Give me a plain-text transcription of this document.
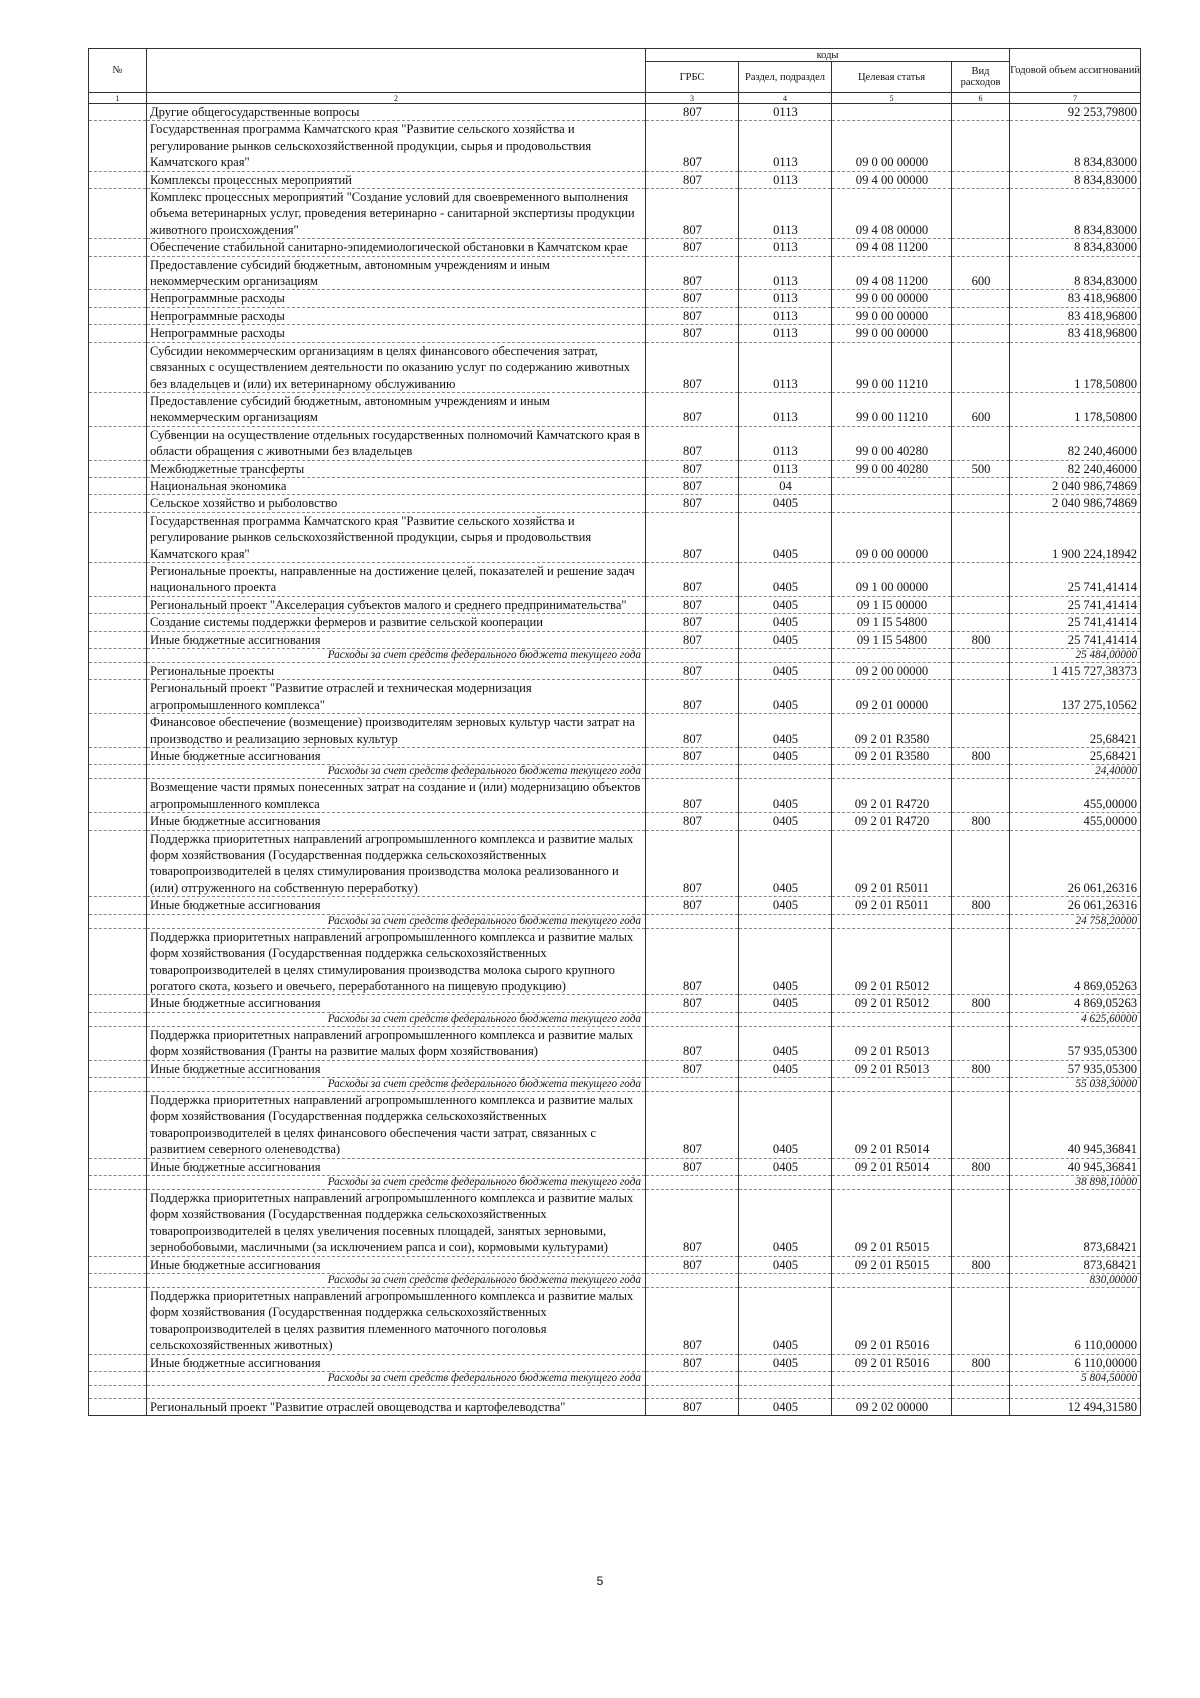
№		коды				Годовой объем ассигнований
		ГРБС	Раздел, подраздел	Целевая статья	Вид расходов	
1	2	3	4	5	6	7
	Другие общегосударственные вопросы	807	0113			92 253,79800
	Государственная программа Камчатского края "Развитие сельского хозяйства и регулирование рынков сельскохозяйственной продукции, сырья и продовольствия Камчатского края"	807	0113	09 0 00 00000		8 834,83000
	Комплексы процессных мероприятий	807	0113	09 4 00 00000		8 834,83000
	Комплекс процессных мероприятий "Создание условий для своевременного выполнения объема ветеринарных услуг, проведения ветеринарно - санитарной экспертизы продукции животного происхождения"	807	0113	09 4 08 00000		8 834,83000
	Обеспечение стабильной санитарно-эпидемиологической обстановки в Камчатском крае	807	0113	09 4 08 11200		8 834,83000
	Предоставление субсидий бюджетным, автономным учреждениям и иным некоммерческим организациям	807	0113	09 4 08 11200	600	8 834,83000
	Непрограммные расходы	807	0113	99 0 00 00000		83 418,96800
	Непрограммные расходы	807	0113	99 0 00 00000		83 418,96800
	Непрограммные расходы	807	0113	99 0 00 00000		83 418,96800
	Субсидии некоммерческим организациям в целях финансового обеспечения затрат, связанных с осуществлением деятельности по оказанию услуг по содержанию животных без владельцев и (или) их ветеринарному обслуживанию	807	0113	99 0 00 11210		1 178,50800
	Предоставление субсидий бюджетным, автономным учреждениям и иным некоммерческим организациям	807	0113	99 0 00 11210	600	1 178,50800
	Субвенции на осуществление отдельных государственных полномочий Камчатского края в области обращения с животными без владельцев	807	0113	99 0 00 40280		82 240,46000
	Межбюджетные трансферты	807	0113	99 0 00 40280	500	82 240,46000
	Национальная экономика	807	04			2 040 986,74869
	Сельское хозяйство и рыболовство	807	0405			2 040 986,74869
	Государственная программа Камчатского края "Развитие сельского хозяйства и регулирование рынков сельскохозяйственной продукции, сырья и продовольствия Камчатского края"	807	0405	09 0 00 00000		1 900 224,18942
	Региональные проекты, направленные на достижение целей, показателей и решение задач национального проекта	807	0405	09 1 00 00000		25 741,41414
	Региональный проект "Акселерация субъектов малого и среднего предпринимательства"	807	0405	09 1 I5 00000		25 741,41414
	Создание системы поддержки фермеров и развитие сельской кооперации	807	0405	09 1 I5 54800		25 741,41414
	Иные бюджетные ассигнования	807	0405	09 1 I5 54800	800	25 741,41414
	Расходы за счет средств федерального бюджета текущего года					25 484,00000
	Региональные проекты	807	0405	09 2 00 00000		1 415 727,38373
	Региональный проект "Развитие отраслей и техническая модернизация агропромышленного комплекса"	807	0405	09 2 01 00000		137 275,10562
	Финансовое обеспечение (возмещение) производителям зерновых культур части затрат на производство и реализацию зерновых культур	807	0405	09 2 01 R3580		25,68421
	Иные бюджетные ассигнования	807	0405	09 2 01 R3580	800	25,68421
	Расходы за счет средств федерального бюджета текущего года					24,40000
	Возмещение части прямых понесенных затрат на создание и (или) модернизацию объектов агропромышленного комплекса	807	0405	09 2 01 R4720		455,00000
	Иные бюджетные ассигнования	807	0405	09 2 01 R4720	800	455,00000
	Поддержка приоритетных направлений агропромышленного комплекса и развитие малых форм хозяйствования (Государственная поддержка сельскохозяйственных товаропроизводителей в целях стимулирования производства молока реализованного и (или) отгруженного на собственную переработку)	807	0405	09 2 01 R5011		26 061,26316
	Иные бюджетные ассигнования	807	0405	09 2 01 R5011	800	26 061,26316
	Расходы за счет средств федерального бюджета текущего года					24 758,20000
	Поддержка приоритетных направлений агропромышленного комплекса и развитие малых форм хозяйствования (Государственная поддержка сельскохозяйственных товаропроизводителей в целях стимулирования производства молока сырого крупного рогатого скота, козьего и овечьего, переработанного на пищевую продукцию)	807	0405	09 2 01 R5012		4 869,05263
	Иные бюджетные ассигнования	807	0405	09 2 01 R5012	800	4 869,05263
	Расходы за счет средств федерального бюджета текущего года					4 625,60000
	Поддержка приоритетных направлений агропромышленного комплекса и развитие малых форм хозяйствования (Гранты на развитие малых форм хозяйствования)	807	0405	09 2 01 R5013		57 935,05300
	Иные бюджетные ассигнования	807	0405	09 2 01 R5013	800	57 935,05300
	Расходы за счет средств федерального бюджета текущего года					55 038,30000
	Поддержка приоритетных направлений агропромышленного комплекса и развитие малых форм хозяйствования (Государственная поддержка сельскохозяйственных товаропроизводителей в целях финансового обеспечения части затрат, связанных с развитием северного оленеводства)	807	0405	09 2 01 R5014		40 945,36841
	Иные бюджетные ассигнования	807	0405	09 2 01 R5014	800	40 945,36841
	Расходы за счет средств федерального бюджета текущего года					38 898,10000
	Поддержка приоритетных направлений агропромышленного комплекса и развитие малых форм хозяйствования (Государственная поддержка сельскохозяйственных товаропроизводителей в целях увеличения посевных площадей, занятых зерновыми, зернобобовыми, масличными (за исключением рапса и сои), кормовыми культурами)	807	0405	09 2 01 R5015		873,68421
	Иные бюджетные ассигнования	807	0405	09 2 01 R5015	800	873,68421
	Расходы за счет средств федерального бюджета текущего года					830,00000
	Поддержка приоритетных направлений агропромышленного комплекса и развитие малых форм хозяйствования (Государственная поддержка сельскохозяйственных товаропроизводителей в целях развития племенного маточного поголовья сельскохозяйственных животных)	807	0405	09 2 01 R5016		6 110,00000
	Иные бюджетные ассигнования	807	0405	09 2 01 R5016	800	6 110,00000
	Расходы за счет средств федерального бюджета текущего года					5 804,50000

	Региональный проект "Развитие отраслей овощеводства и картофелеводства"	807	0405	09 2 02 00000		12 494,31580
5
